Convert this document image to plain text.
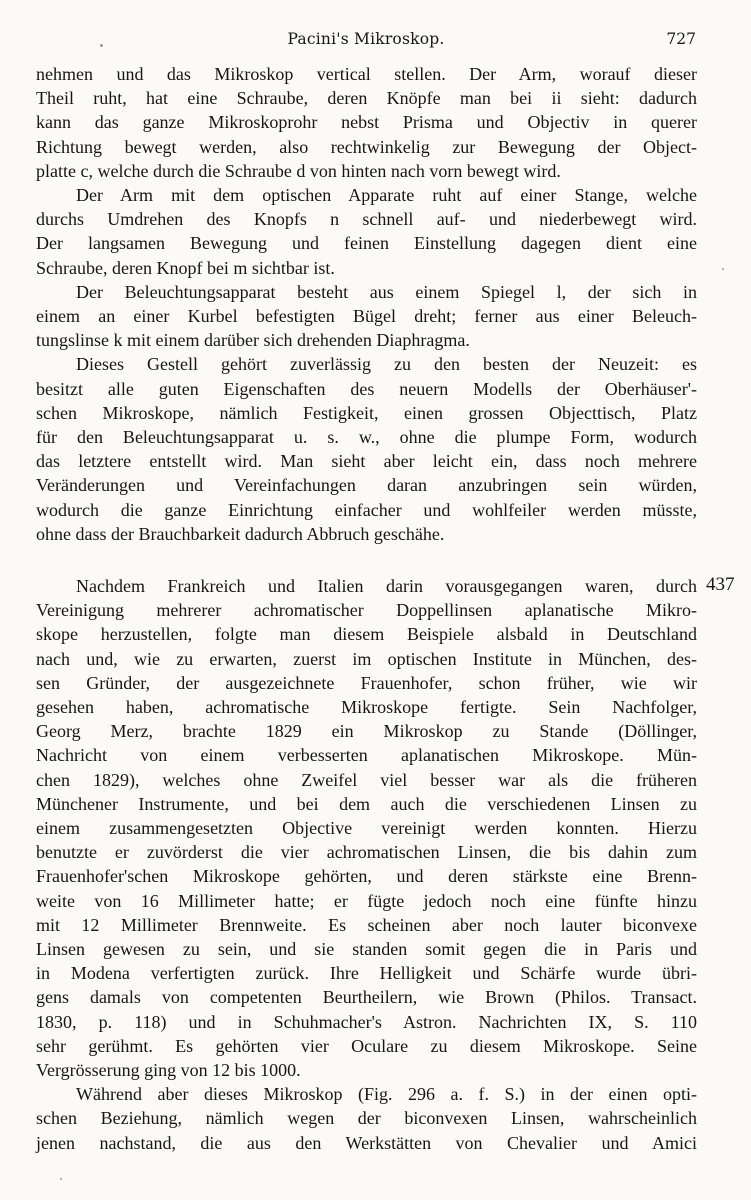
Pacini's Mikroskop.	727

nehmen und das Mikroskop vertical stellen. Der Arm, worauf dieser
Theil ruht, hat eine Schraube, deren Knöpfe man bei ii sieht: dadurch
kann das ganze Mikroskoprohr nebst Prisma und Objectiv in querer
Richtung bewegt werden, also rechtwinkelig zur Bewegung der Object-
platte c, welche durch die Schraube d von hinten nach vorn bewegt wird.

Der Arm mit dem optischen Apparate ruht auf einer Stange, welche
durchs Umdrehen des Knopfs n schnell auf- und niederbewegt wird.
Der langsamen Bewegung und feinen Einstellung dagegen dient eine
Schraube, deren Knopf bei m sichtbar ist.

Der Beleuchtungsapparat besteht aus einem Spiegel l, der sich in
einem an einer Kurbel befestigten Bügel dreht; ferner aus einer Beleuch-
tungslinse k mit einem darüber sich drehenden Diaphragma.

Dieses Gestell gehört zuverlässig zu den besten der Neuzeit: es
besitzt alle guten Eigenschaften des neuern Modells der Oberhäuser'-
schen Mikroskope, nämlich Festigkeit, einen grossen Objecttisch, Platz
für den Beleuchtungsapparat u. s. w., ohne die plumpe Form, wodurch
das letztere entstellt wird. Man sieht aber leicht ein, dass noch mehrere
Veränderungen und Vereinfachungen daran anzubringen sein würden,
wodurch die ganze Einrichtung einfacher und wohlfeiler werden müsste,
ohne dass der Brauchbarkeit dadurch Abbruch geschähe.

437

Nachdem Frankreich und Italien darin vorausgegangen waren, durch
Vereinigung mehrerer achromatischer Doppellinsen aplanatische Mikro-
skope herzustellen, folgte man diesem Beispiele alsbald in Deutschland
nach und, wie zu erwarten, zuerst im optischen Institute in München, des-
sen Gründer, der ausgezeichnete Frauenhofer, schon früher, wie wir
gesehen haben, achromatische Mikroskope fertigte. Sein Nachfolger,
Georg Merz, brachte 1829 ein Mikroskop zu Stande (Döllinger,
Nachricht von einem verbesserten aplanatischen Mikroskope. Mün-
chen 1829), welches ohne Zweifel viel besser war als die früheren
Münchener Instrumente, und bei dem auch die verschiedenen Linsen zu
einem zusammengesetzten Objective vereinigt werden konnten. Hierzu
benutzte er zuvörderst die vier achromatischen Linsen, die bis dahin zum
Frauenhofer'schen Mikroskope gehörten, und deren stärkste eine Brenn-
weite von 16 Millimeter hatte; er fügte jedoch noch eine fünfte hinzu
mit 12 Millimeter Brennweite. Es scheinen aber noch lauter biconvexe
Linsen gewesen zu sein, und sie standen somit gegen die in Paris und
in Modena verfertigten zurück. Ihre Helligkeit und Schärfe wurde übri-
gens damals von competenten Beurtheilern, wie Brown (Philos. Transact.
1830, p. 118) und in Schuhmacher's Astron. Nachrichten IX, S. 110
sehr gerühmt. Es gehörten vier Oculare zu diesem Mikroskope. Seine
Vergrösserung ging von 12 bis 1000.

Während aber dieses Mikroskop (Fig. 296 a. f. S.) in der einen opti-
schen Beziehung, nämlich wegen der biconvexen Linsen, wahrscheinlich
jenen nachstand, die aus den Werkstätten von Chevalier und Amici
